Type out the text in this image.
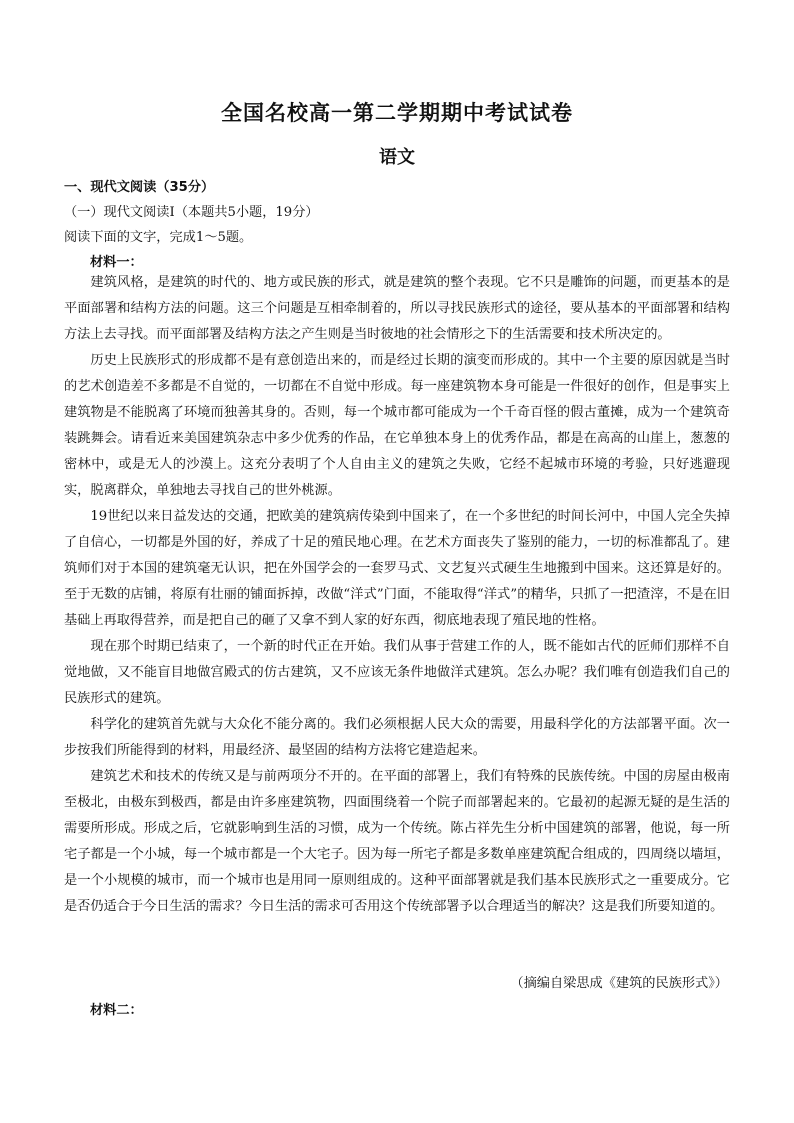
全国名校高一第二学期期中考试试卷
语文
一、现代文阅读（35分）
（一）现代文阅读Ⅰ（本题共5小题，19分）
阅读下面的文字，完成1～5题。
材料一：

建筑风格，是建筑的时代的、地方或民族的形式，就是建筑的整个表现。它不只是雕饰的问题，而更基本的是平面部署和结构方法的问题。这三个问题是互相牵制着的，所以寻找民族形式的途径，要从基本的平面部署和结构方法上去寻找。而平面部署及结构方法之产生则是当时彼地的社会情形之下的生活需要和技术所决定的。

历史上民族形式的形成都不是有意创造出来的，而是经过长期的演变而形成的。其中一个主要的原因就是当时的艺术创造差不多都是不自觉的，一切都在不自觉中形成。每一座建筑物本身可能是一件很好的创作，但是事实上建筑物是不能脱离了环境而独善其身的。否则，每一个城市都可能成为一个千奇百怪的假古董摊，成为一个建筑奇装跳舞会。请看近来美国建筑杂志中多少优秀的作品，在它单独本身上的优秀作品，都是在高高的山崖上，葱葱的密林中，或是无人的沙漠上。这充分表明了个人自由主义的建筑之失败，它经不起城市环境的考验，只好逃避现实，脱离群众，单独地去寻找自己的世外桃源。

19世纪以来日益发达的交通，把欧美的建筑病传染到中国来了，在一个多世纪的时间长河中，中国人完全失掉了自信心，一切都是外国的好，养成了十足的殖民地心理。在艺术方面丧失了鉴别的能力，一切的标准都乱了。建筑师们对于本国的建筑毫无认识，把在外国学会的一套罗马式、文艺复兴式硬生生地搬到中国来。这还算是好的。至于无数的店铺，将原有壮丽的铺面拆掉，改做“洋式”门面，不能取得“洋式”的精华，只抓了一把渣滓，不是在旧基础上再取得营养，而是把自己的砸了又拿不到人家的好东西，彻底地表现了殖民地的性格。

现在那个时期已结束了，一个新的时代正在开始。我们从事于营建工作的人，既不能如古代的匠师们那样不自觉地做，又不能盲目地做宫殿式的仿古建筑，又不应该无条件地做洋式建筑。怎么办呢？我们唯有创造我们自己的民族形式的建筑。

科学化的建筑首先就与大众化不能分离的。我们必须根据人民大众的需要，用最科学化的方法部署平面。次一步按我们所能得到的材料，用最经济、最坚固的结构方法将它建造起来。

建筑艺术和技术的传统又是与前两项分不开的。在平面的部署上，我们有特殊的民族传统。中国的房屋由极南至极北，由极东到极西，都是由许多座建筑物，四面围绕着一个院子而部署起来的。它最初的起源无疑的是生活的需要所形成。形成之后，它就影响到生活的习惯，成为一个传统。陈占祥先生分析中国建筑的部署，他说，每一所宅子都是一个小城，每一个城市都是一个大宅子。因为每一所宅子都是多数单座建筑配合组成的，四周绕以墙垣，是一个小规模的城市，而一个城市也是用同一原则组成的。这种平面部署就是我们基本民族形式之一重要成分。它是否仍适合于今日生活的需求？今日生活的需求可否用这个传统部署予以合理适当的解决？这是我们所要知道的。

（摘编自梁思成《建筑的民族形式》）
材料二：
